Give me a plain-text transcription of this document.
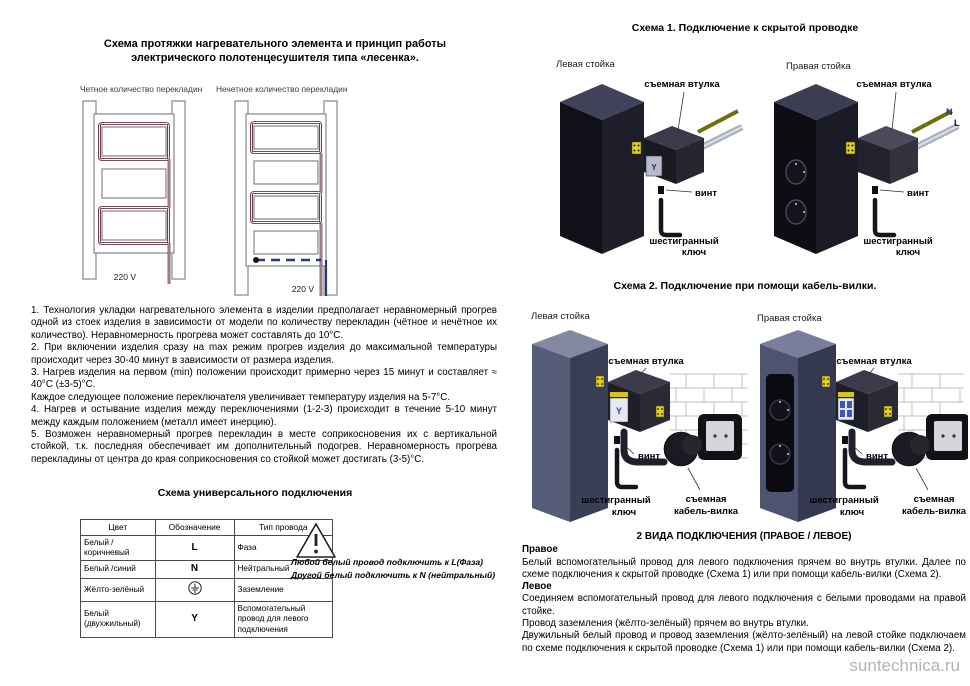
Схема протяжки нагревательного элемента и принцип работы
электрического полотенцесушителя типа «лесенка».
Четное количество перекладин Нечетное количество перекладин
220 V
220 V

1. Технология укладки нагревательного элемента в изделии предполагает неравномерный прогрев одной из стоек изделия в зависимости от модели по количеству перекладин (чётное и нечётное их количество). Неравномерность прогрева может составлять до 10°С.

2. При включении изделия сразу на max режим прогрев изделия до максимальной температуры происходит через 30-40 минут в зависимости от размера изделия.

3. Нагрев изделия на первом (min) положении происходит примерно через 15 минут и составляет ≈ 40°С (±3-5)°С.

Каждое следующее положение переключателя увеличивает температуру изделия на 5-7°С.

4. Нагрев и остывание изделия между переключениями (1-2-3) происходит в течение 5-10 минут между каждым положением (металл имеет инерцию).

5. Возможен неравномерный прогрев перекладин в месте соприкосновения их с вертикальной стойкой, т.к. последняя обеспечивает им дополнительный подогрев. Неравномерность прогрева перекладины от центра до края соприкосновения со стойкой может достигать (3-5)°С.

Схема универсального подключения
Цвет	Обозначение	Тип провода
Белый /коричневый	L	Фаза
Белый /синий	N	Нейтральный
Жёлто-зелёный		Заземление
Белый (двухжильный)	Y	Вспомогательный провод для левого подключения
Любой белый провод подключить к L(Фаза)
Другой белый подключить к N (нейтральный)
Схема 1. Подключение к скрытой проводке
Левая стойка	Правая стойка
Y
съемная втулка
винт
шестигранный
ключ
N
L
съемная втулка
винт
шестигранный
ключ
Схема 2. Подключение при помощи кабель-вилки.
Левая стойка	Правая стойка
Y
съемная втулка
винт
шестигранный
ключ
съемная
кабель-вилка
съемная втулка
винт
шестигранный
ключ
съемная
кабель-вилка

2 ВИДА ПОДКЛЮЧЕНИЯ (ПРАВОЕ / ЛЕВОЕ)

Правое

Белый вспомогательный провод для левого подключения прячем во внутрь втулки. Далее по схеме подключения к скрытой проводке (Схема 1) или при помощи кабель-вилки (Схема 2).

Левое

Соединяем вспомогательный провод для левого подключения с белыми проводами на правой стойке.

Провод заземления (жёлто-зелёный) прячем во внутрь втулки.

Двужильный белый провод и провод заземления (жёлто-зелёный) на левой стойке подключаем по схеме подключения к скрытой проводке (Схема 1) или при помощи кабель-вилки (Схема 2).

suntechnica.ru
